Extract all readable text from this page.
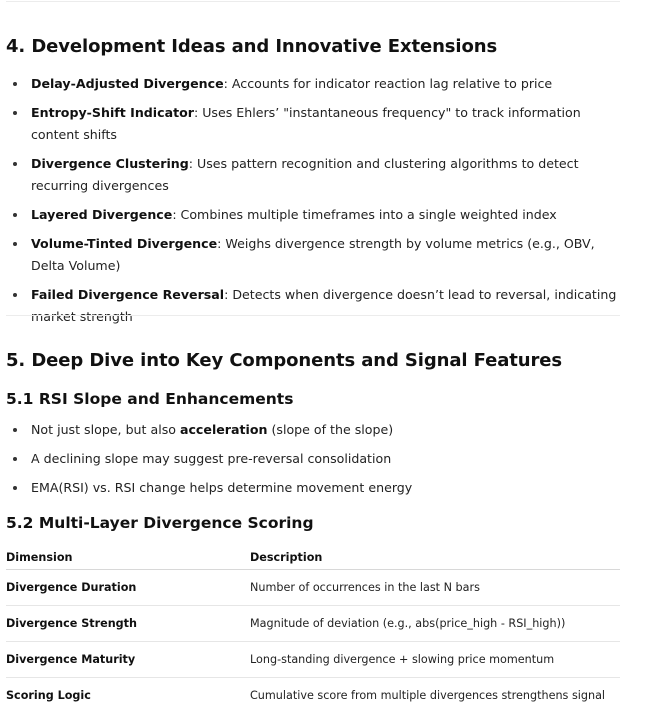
4. Development Ideas and Innovative Extensions
Delay-Adjusted Divergence: Accounts for indicator reaction lag relative to price
Entropy-Shift Indicator: Uses Ehlers’ "instantaneous frequency" to track information content shifts
Divergence Clustering: Uses pattern recognition and clustering algorithms to detect recurring divergences
Layered Divergence: Combines multiple timeframes into a single weighted index
Volume-Tinted Divergence: Weighs divergence strength by volume metrics (e.g., OBV, Delta Volume)
Failed Divergence Reversal: Detects when divergence doesn’t lead to reversal, indicating market strength
5. Deep Dive into Key Components and Signal Features
5.1 RSI Slope and Enhancements
Not just slope, but also acceleration (slope of the slope)
A declining slope may suggest pre-reversal consolidation
EMA(RSI) vs. RSI change helps determine movement energy
5.2 Multi-Layer Divergence Scoring
Dimension	Description
Divergence Duration	Number of occurrences in the last N bars
Divergence Strength	Magnitude of deviation (e.g., abs(price_high - RSI_high))
Divergence Maturity	Long-standing divergence + slowing price momentum
Scoring Logic	Cumulative score from multiple divergences strengthens signal
